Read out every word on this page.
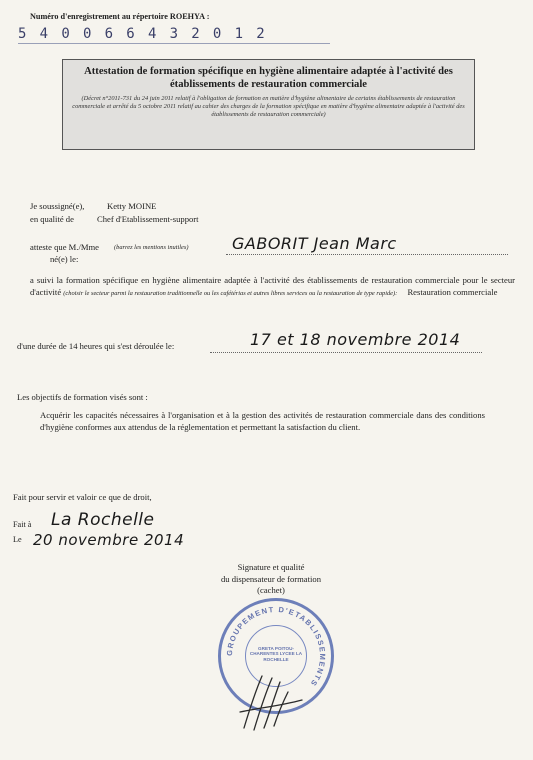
Numéro d'enregistrement au répertoire ROEHYA :
5 4 0 0 6 6 4 3 2 0 1 2
Attestation de formation spécifique en hygiène alimentaire adaptée à l'activité des établissements de restauration commerciale
(Décret n°2011-731 du 24 juin 2011 relatif à l'obligation de formation en matière d'hygiène alimentaire de certains établissements de restauration commerciale et arrêté du 5 octobre 2011 relatif au cahier des charges de la formation spécifique en matière d'hygiène alimentaire adaptée à l'activité des établissements de restauration commerciale)
Je soussigné(e),	Ketty MOINE
en qualité de	Chef d'Etablissement-support
atteste que M./Mme (barrez les mentions inutiles)	GABORIT Jean Marc
né(e) le:
a suivi la formation spécifique en hygiène alimentaire adaptée à l'activité des établissements de restauration commerciale pour le secteur d'activité (choisir le secteur parmi la restauration traditionnelle ou les cafétérias et autres libres services ou la restauration de type rapide): Restauration commerciale
d'une durée de 14 heures qui s'est déroulée le:	17 et 18 novembre 2014
Les objectifs de formation visés sont :
Acquérir les capacités nécessaires à l'organisation et à la gestion des activités de restauration commerciale dans des conditions d'hygiène conformes aux attendus de la réglementation et permettant la satisfaction du client.
Fait pour servir et valoir ce que de droit,
Fait à La Rochelle
Le 20 novembre 2014
Signature et qualité
du dispensateur de formation
(cachet)
GROUPEMENT D'ETABLISSEMENTS
GRETA POITOU-CHARENTES LYCEE LA ROCHELLE
